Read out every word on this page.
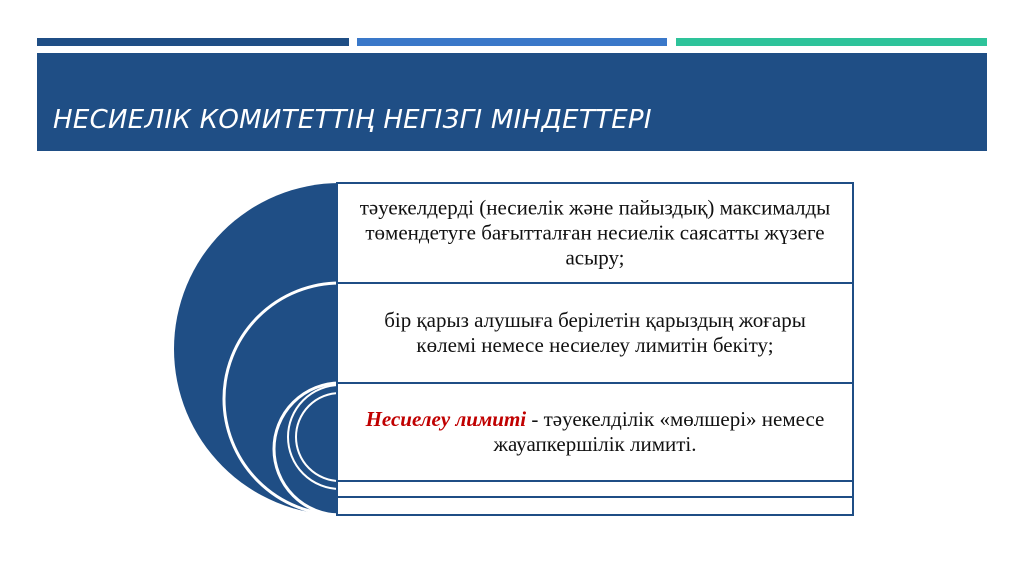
НЕСИЕЛІК КОМИТЕТТІҢ НЕГІЗГІ МІНДЕТТЕРІ
тәуекелдерді (несиелік және пайыздық) максималды төмендетуге бағытталған несиелік саясатты жүзеге асыру;
бір қарыз алушыға берілетін қарыздың жоғары көлемі немесе несиелеу лимитін бекіту;
Несиелеу лимиті - тәуекелділік «мөлшері» немесе жауапкершілік лимиті.
